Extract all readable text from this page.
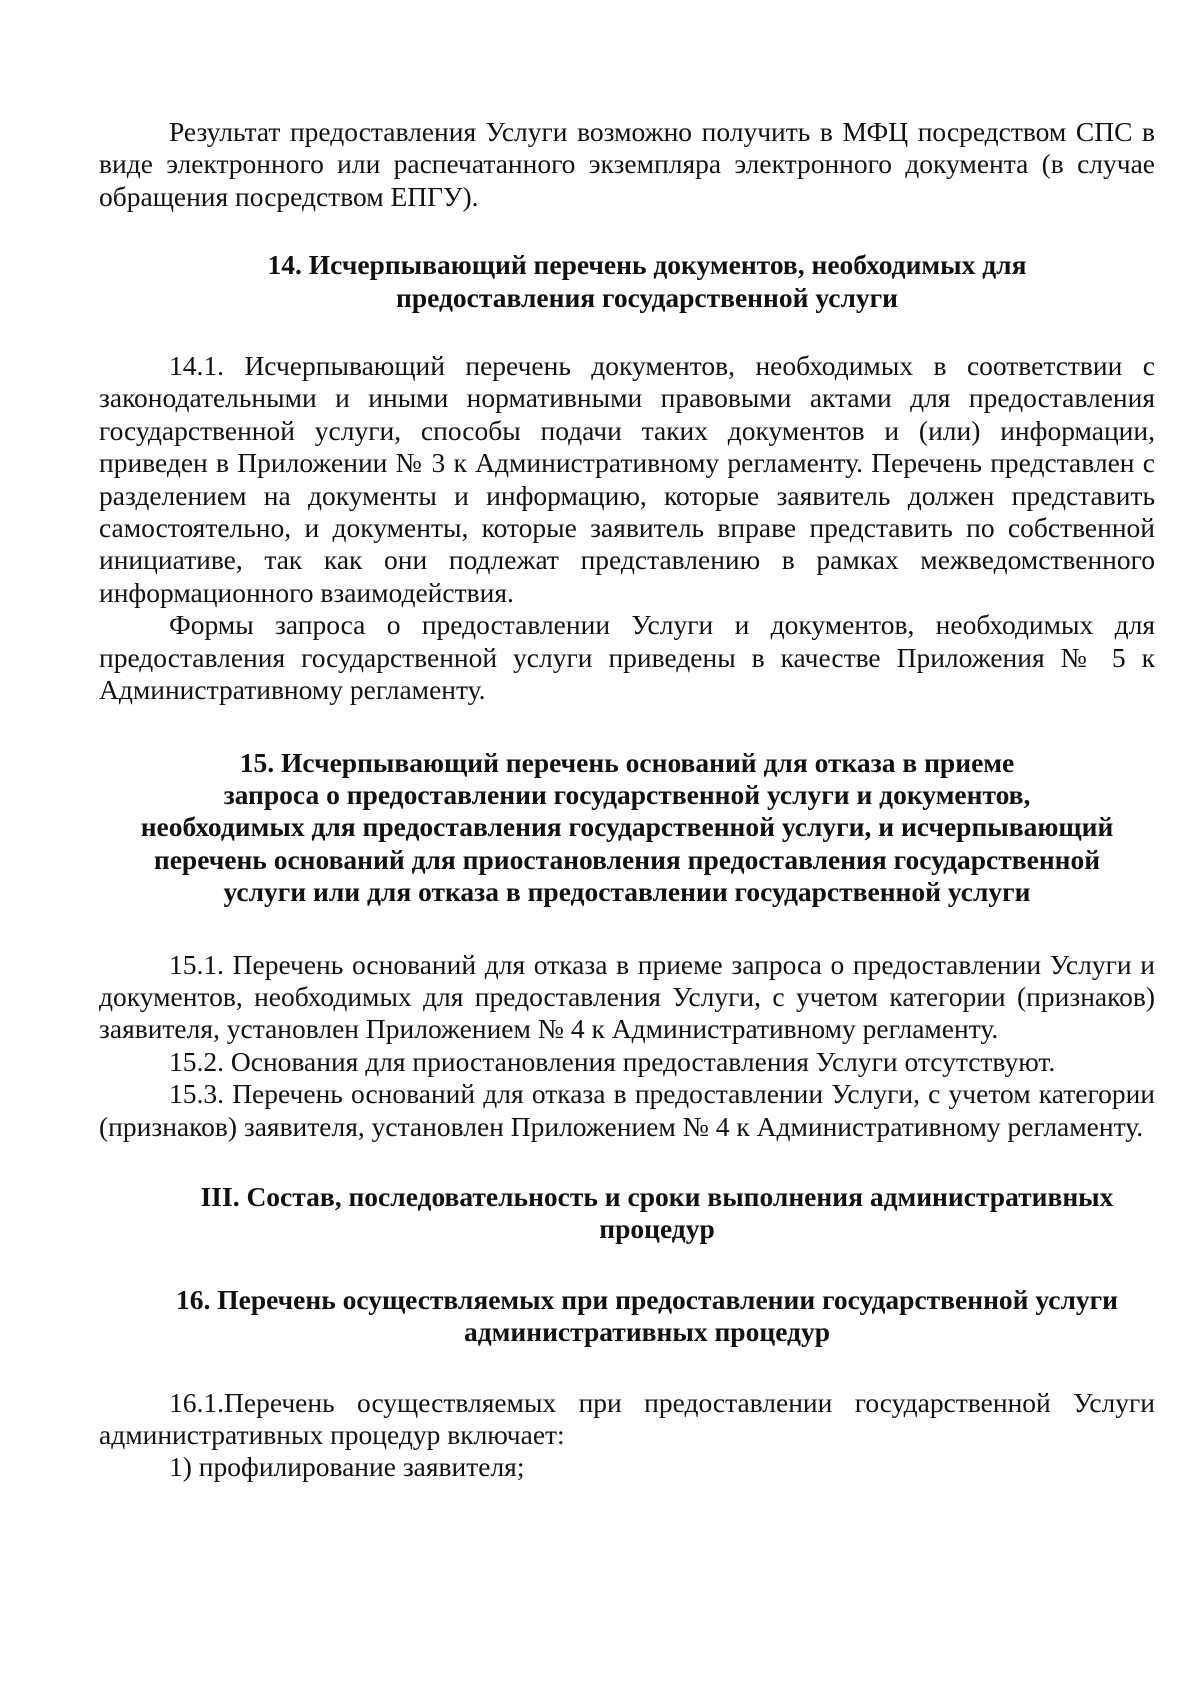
Результат предоставления Услуги возможно получить в МФЦ посредством СПС в виде электронного или распечатанного экземпляра электронного документа (в случае обращения посредством ЕПГУ).

14. Исчерпывающий перечень документов, необходимых для
предоставления государственной услуги

14.1. Исчерпывающий перечень документов, необходимых в соответствии с законодательными и иными нормативными правовыми актами для предоставления государственной услуги, способы подачи таких документов и (или) информации, приведен в Приложении № 3 к Административному регламенту. Перечень представлен с разделением на документы и информацию, которые заявитель должен представить самостоятельно, и документы, которые заявитель вправе представить по собственной инициативе, так как они подлежат представлению в рамках межведомственного информационного взаимодействия.

Формы запроса о предоставлении Услуги и документов, необходимых для предоставления государственной услуги приведены в качестве Приложения № 5 к Административному регламенту.

15. Исчерпывающий перечень оснований для отказа в приеме
запроса о предоставлении государственной услуги и документов,
необходимых для предоставления государственной услуги, и исчерпывающий
перечень оснований для приостановления предоставления государственной
услуги или для отказа в предоставлении государственной услуги

15.1. Перечень оснований для отказа в приеме запроса о предоставлении Услуги и документов, необходимых для предоставления Услуги, с учетом категории (признаков) заявителя, установлен Приложением № 4 к Административному регламенту.

15.2. Основания для приостановления предоставления Услуги отсутствуют.

15.3. Перечень оснований для отказа в предоставлении Услуги, с учетом категории (признаков) заявителя, установлен Приложением № 4 к Административному регламенту.

III. Состав, последовательность и сроки выполнения административных
процедур
16. Перечень осуществляемых при предоставлении государственной услуги
административных процедур

16.1.Перечень осуществляемых при предоставлении государственной Услуги административных процедур включает:

1) профилирование заявителя;
